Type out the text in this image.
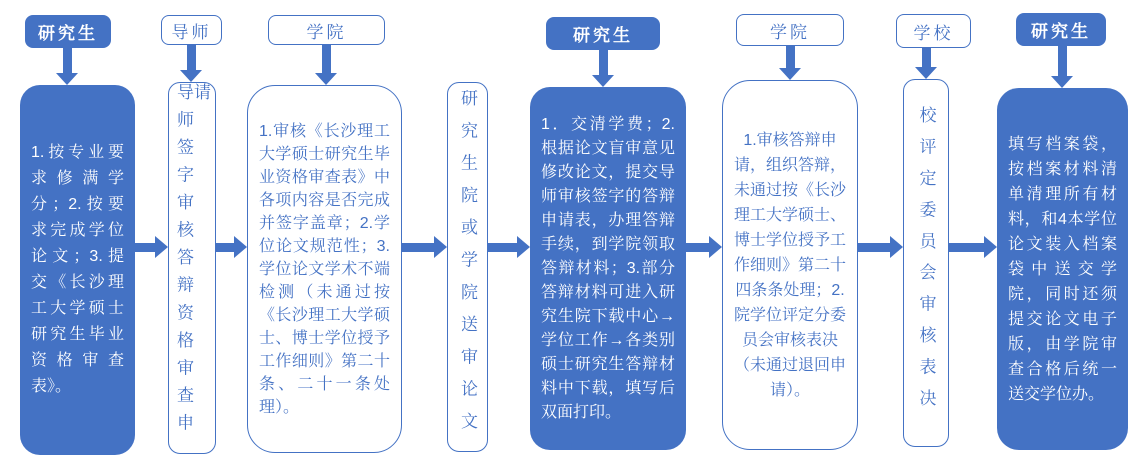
研究生
1.按专业要求修满学分；2.按要求完成学位论文；3.提交《长沙理工大学硕士研究生毕业资格审查表》。
导师
导师签字审核答辩资格审查申请
学院
1.审核《长沙理工大学硕士研究生毕业资格审查表》中各项内容是否完成并签字盖章；2.学位论文规范性；3.学位论文学术不端检测（未通过按《长沙理工大学硕士、博士学位授予工作细则》第二十条、二十一条处理）。	研究生院或学院送审论文
研究生
1．交清学费；2.根据论文盲审意见修改论文，提交导师审核签字的答辩申请表，办理答辩手续，到学院领取答辩材料；3.部分答辩材料可进入研究生院下载中心→学位工作→各类别硕士研究生答辩材料中下载，填写后双面打印。
学院
1.审核答辩申请，组织答辩，未通过按《长沙理工大学硕士、博士学位授予工作细则》第二十四条条处理；2.院学位评定分委员会审核表决（未通过退回申请）。
学校
校评定委员会审核表决
研究生
填写档案袋，按档案材料清单清理所有材料，和4本学位论文装入档案袋中送交学院，同时还须提交论文电子版，由学院审查合格后统一送交学位办。
